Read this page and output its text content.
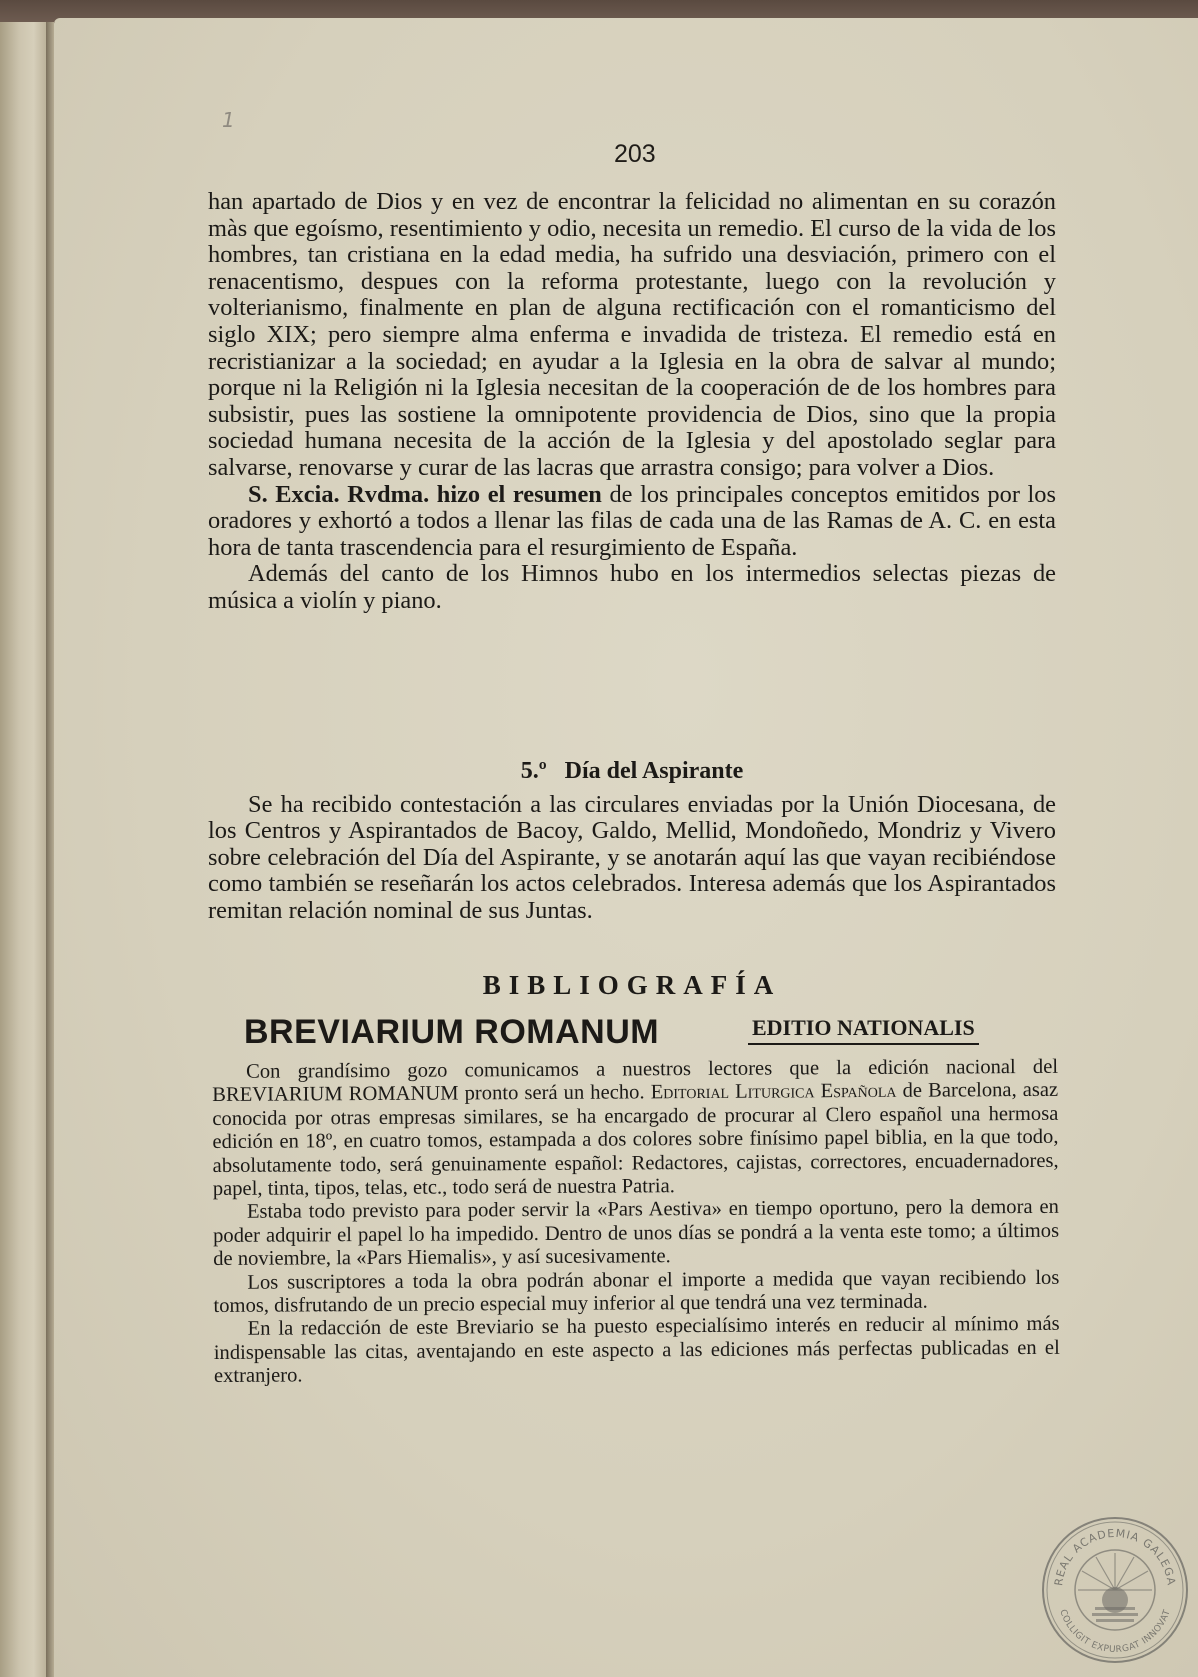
1
203

han apartado de Dios y en vez de encontrar la felicidad no alimentan en su corazón màs que egoísmo, resentimiento y odio, necesita un remedio. El curso de la vida de los hombres, tan cristiana en la edad media, ha sufrido una desviación, primero con el renacentismo, despues con la reforma protestante, luego con la revolución y volterianismo, finalmente en plan de alguna rectificación con el romanticismo del siglo XIX; pero siempre alma enferma e invadida de tristeza. El remedio está en recristianizar a la sociedad; en ayudar a la Iglesia en la obra de salvar al mundo; porque ni la Religión ni la Iglesia necesitan de la cooperación de de los hombres para subsistir, pues las sostiene la omnipotente providencia de Dios, sino que la propia sociedad humana necesita de la acción de la Iglesia y del apostolado seglar para salvarse, renovarse y curar de las lacras que arrastra consigo; para volver a Dios.

S. Excia. Rvdma. hizo el resumen de los principales conceptos emitidos por los oradores y exhortó a todos a llenar las filas de cada una de las Ramas de A. C. en esta hora de tanta trascendencia para el resurgimiento de España.

Además del canto de los Himnos hubo en los intermedios selectas piezas de música a violín y piano.

5.º Día del Aspirante

Se ha recibido contestación a las circulares enviadas por la Unión Diocesana, de los Centros y Aspirantados de Bacoy, Galdo, Mellid, Mondoñedo, Mondriz y Vivero sobre celebración del Día del Aspirante, y se anotarán aquí las que vayan recibiéndose como también se reseñarán los actos celebrados. Interesa además que los Aspirantados remitan relación nominal de sus Juntas.

BIBLIOGRAFÍA
BREVIARIUM ROMANUM	EDITIO NATIONALIS

Con grandísimo gozo comunicamos a nuestros lectores que la edición nacional del BREVIARIUM ROMANUM pronto será un hecho. Editorial Liturgica Española de Barcelona, asaz conocida por otras empresas similares, se ha encargado de procurar al Clero español una hermosa edición en 18º, en cuatro tomos, estampada a dos colores sobre finísimo papel biblia, en la que todo, absolutamente todo, será genuinamente español: Redactores, cajistas, correctores, encuadernadores, papel, tinta, tipos, telas, etc., todo será de nuestra Patria.

Estaba todo previsto para poder servir la «Pars Aestiva» en tiempo oportuno, pero la demora en poder adquirir el papel lo ha impedido. Dentro de unos días se pondrá a la venta este tomo; a últimos de noviembre, la «Pars Hiemalis», y así sucesivamente.

Los suscriptores a toda la obra podrán abonar el importe a medida que vayan recibiendo los tomos, disfrutando de un precio especial muy inferior al que tendrá una vez terminada.

En la redacción de este Breviario se ha puesto especialísimo interés en reducir al mínimo más indispensable las citas, aventajando en este aspecto a las ediciones más perfectas publicadas en el extranjero.

REAL ACADEMIA GALEGA
COLLIGIT EXPURGAT INNOVAT
